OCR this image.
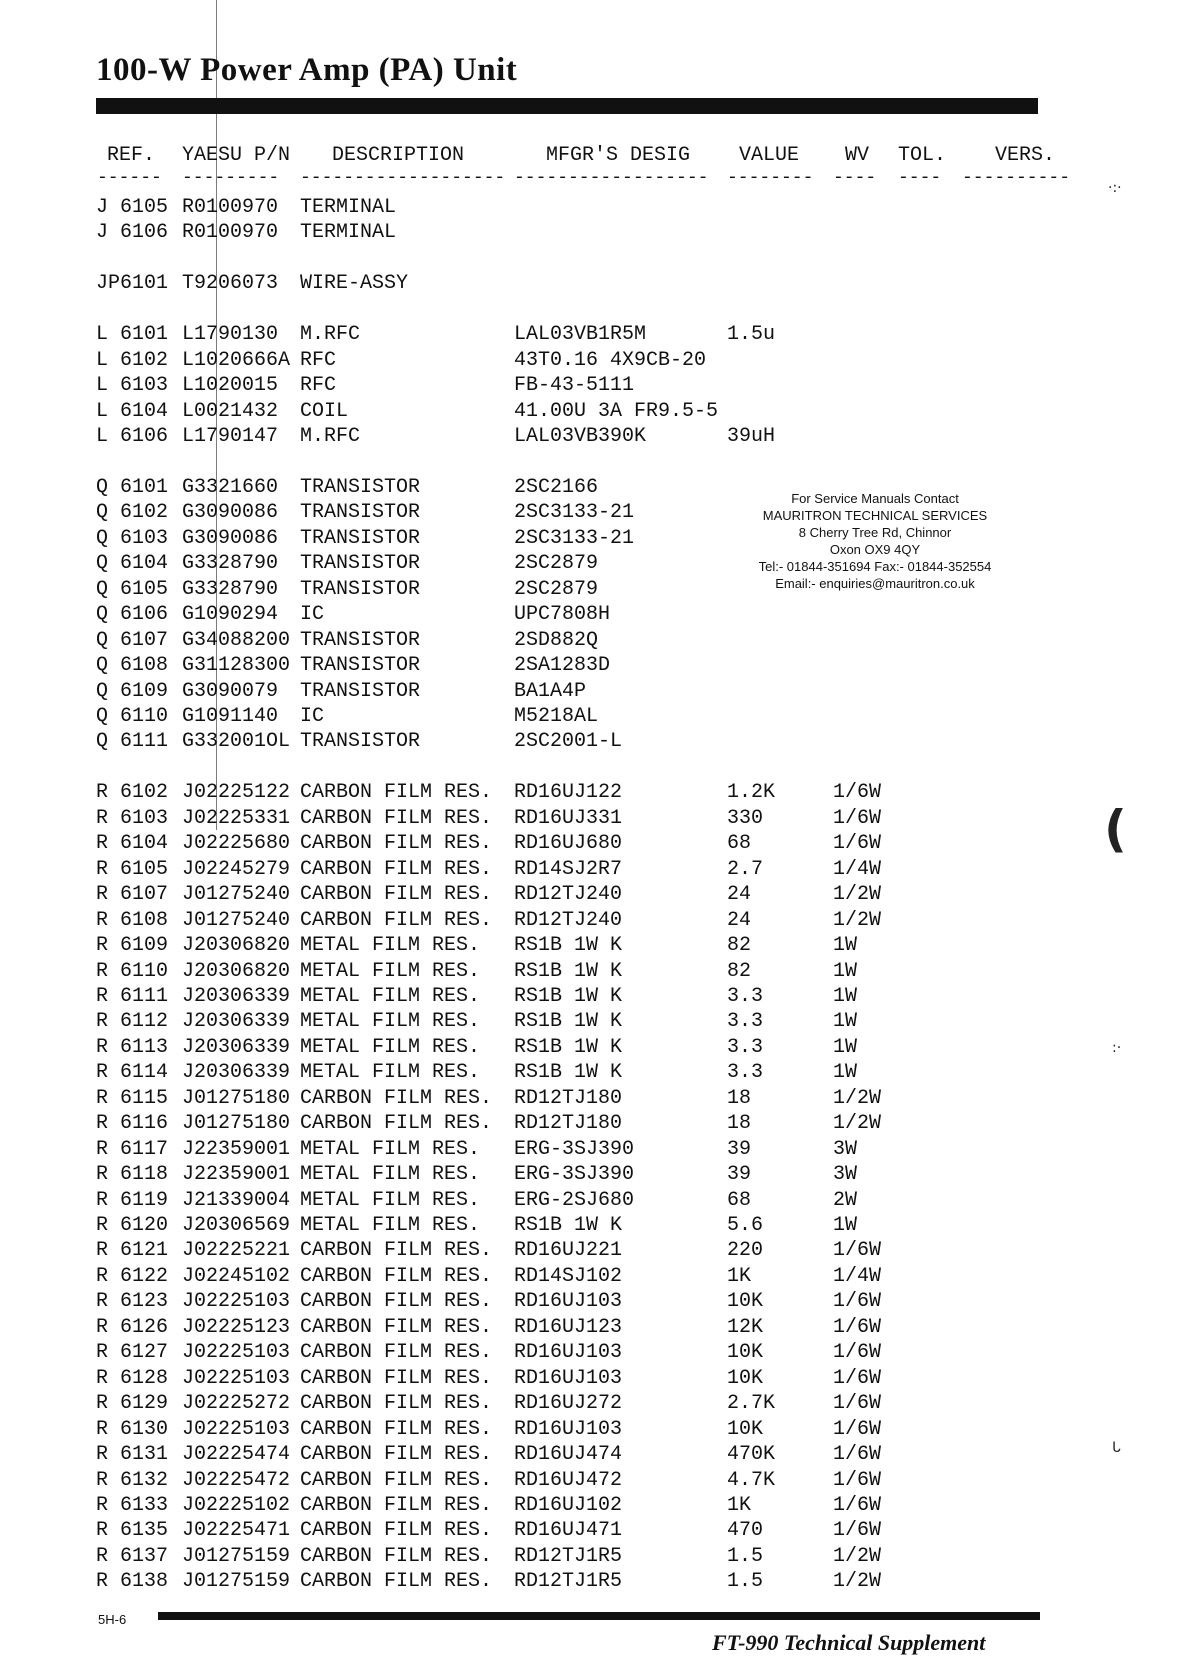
100-W Power Amp (PA) Unit
REF. YAESU P/N DESCRIPTION	MFGR'S DESIG VALUE WV TOL. VERS.
------ --------- ------------------- ------------------ -------- ---- ---- ----------
J 6105 R0100970 TERMINAL
J 6106 R0100970 TERMINAL
JP6101 T9206073 WIRE-ASSY
L 6101 L1790130 M.RFC	LAL03VB1R5M	1.5u
L 6102 L1020666A RFC	43T0.16 4X9CB-20
L 6103 L1020015 RFC	FB-43-5111
L 6104 L0021432 COIL	41.00U 3A FR9.5-5
L 6106 L1790147 M.RFC	LAL03VB390K	39uH
Q 6101 G3321660 TRANSISTOR	2SC2166
Q 6102 G3090086 TRANSISTOR	2SC3133-21
Q 6103 G3090086 TRANSISTOR	2SC3133-21
Q 6104 G3328790 TRANSISTOR	2SC2879
Q 6105 G3328790 TRANSISTOR	2SC2879
Q 6106 G1090294 IC	UPC7808H
Q 6107 G34088200 TRANSISTOR	2SD882Q
Q 6108 G31128300 TRANSISTOR	2SA1283D
Q 6109 G3090079 TRANSISTOR	BA1A4P
Q 6110 G1091140 IC	M5218AL
Q 6111 G332001OL TRANSISTOR	2SC2001-L
R 6102 J02225122 CARBON FILM RES. RD16UJ122	1.2K	1/6W
R 6103 J02225331 CARBON FILM RES. RD16UJ331	330	1/6W
R 6104 J02225680 CARBON FILM RES. RD16UJ680	68	1/6W
R 6105 J02245279 CARBON FILM RES. RD14SJ2R7	2.7	1/4W
R 6107 J01275240 CARBON FILM RES. RD12TJ240	24	1/2W
R 6108 J01275240 CARBON FILM RES. RD12TJ240	24	1/2W
R 6109 J20306820 METAL FILM RES. RS1B 1W K	82	1W
R 6110 J20306820 METAL FILM RES. RS1B 1W K	82	1W
R 6111 J20306339 METAL FILM RES. RS1B 1W K	3.3	1W
R 6112 J20306339 METAL FILM RES. RS1B 1W K	3.3	1W
R 6113 J20306339 METAL FILM RES. RS1B 1W K	3.3	1W
R 6114 J20306339 METAL FILM RES. RS1B 1W K	3.3	1W
R 6115 J01275180 CARBON FILM RES. RD12TJ180	18	1/2W
R 6116 J01275180 CARBON FILM RES. RD12TJ180	18	1/2W
R 6117 J22359001 METAL FILM RES. ERG-3SJ390	39	3W
R 6118 J22359001 METAL FILM RES. ERG-3SJ390	39	3W
R 6119 J21339004 METAL FILM RES. ERG-2SJ680	68	2W
R 6120 J20306569 METAL FILM RES. RS1B 1W K	5.6	1W
R 6121 J02225221 CARBON FILM RES. RD16UJ221	220	1/6W
R 6122 J02245102 CARBON FILM RES. RD14SJ102	1K	1/4W
R 6123 J02225103 CARBON FILM RES. RD16UJ103	10K	1/6W
R 6126 J02225123 CARBON FILM RES. RD16UJ123	12K	1/6W
R 6127 J02225103 CARBON FILM RES. RD16UJ103	10K	1/6W
R 6128 J02225103 CARBON FILM RES. RD16UJ103	10K	1/6W
R 6129 J02225272 CARBON FILM RES. RD16UJ272	2.7K	1/6W
R 6130 J02225103 CARBON FILM RES. RD16UJ103	10K	1/6W
R 6131 J02225474 CARBON FILM RES. RD16UJ474	470K	1/6W
R 6132 J02225472 CARBON FILM RES. RD16UJ472	4.7K	1/6W
R 6133 J02225102 CARBON FILM RES. RD16UJ102	1K	1/6W
R 6135 J02225471 CARBON FILM RES. RD16UJ471	470	1/6W
R 6137 J01275159 CARBON FILM RES. RD12TJ1R5	1.5	1/2W
R 6138 J01275159 CARBON FILM RES. RD12TJ1R5	1.5	1/2W
For Service Manuals Contact
MAURITRON TECHNICAL SERVICES
8 Cherry Tree Rd, Chinnor
Oxon OX9 4QY
Tel:- 01844-351694 Fax:- 01844-352554
Email:- enquiries@mauritron.co.uk
·:·
(
:·
ᒐ
5H-6
FT-990 Technical Supplement
